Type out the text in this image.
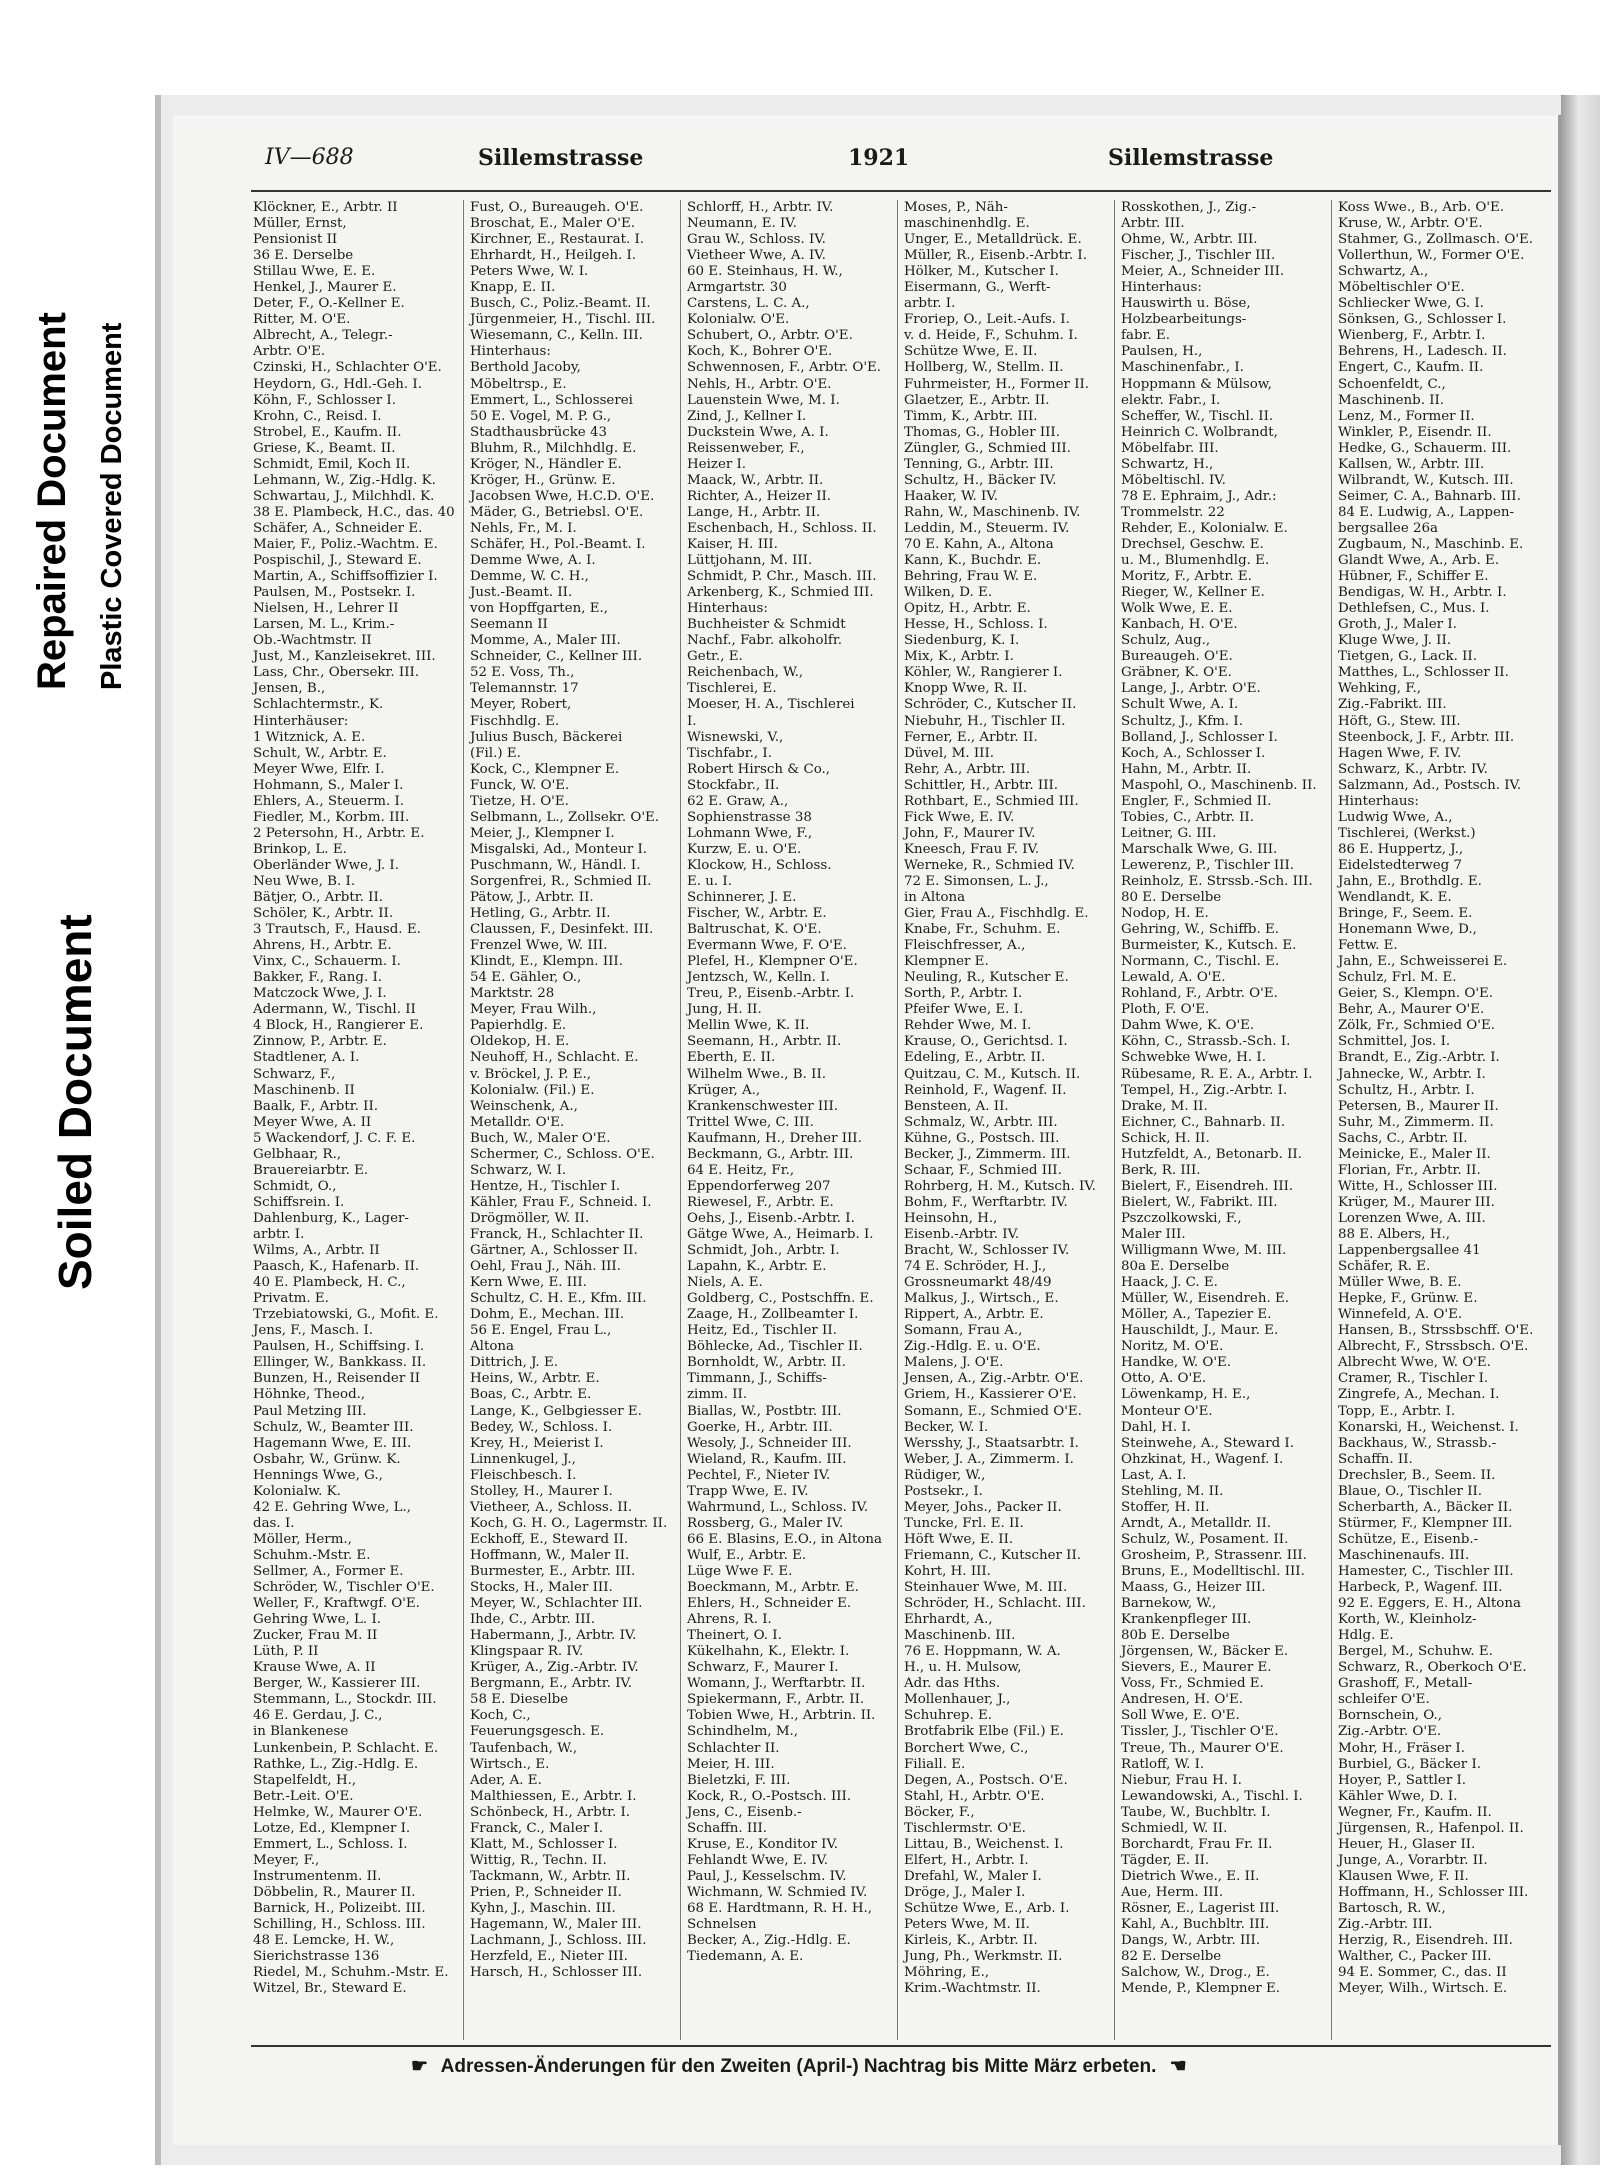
Repaired Document Plastic Covered Document
Soiled Document
IV—688	Sillemstrasse	1921	Sillemstrasse
Klöckner, E., Arbtr. II
Müller, Ernst,
Pensionist II
36 E. Derselbe
Stillau Wwe, E. E.
Henkel, J., Maurer E.
Deter, F., O.-Kellner E.
Ritter, M. O'E.
Albrecht, A., Telegr.-
Arbtr. O'E.
Czinski, H., Schlachter O'E.
Heydorn, G., Hdl.-Geh. I.
Köhn, F., Schlosser I.
Krohn, C., Reisd. I.
Strobel, E., Kaufm. II.
Griese, K., Beamt. II.
Schmidt, Emil, Koch II.
Lehmann, W., Zig.-Hdlg. K.
Schwartau, J., Milchhdl. K.
38 E. Plambeck, H.C., das. 40
Schäfer, A., Schneider E.
Maier, F., Poliz.-Wachtm. E.
Pospischil, J., Steward E.
Martin, A., Schiffsoffizier I.
Paulsen, M., Postsekr. I.
Nielsen, H., Lehrer II
Larsen, M. L., Krim.-
Ob.-Wachtmstr. II
Just, M., Kanzleisekret. III.
Lass, Chr., Obersekr. III.
Jensen, B.,
Schlachtermstr., K.
Hinterhäuser:
1 Witznick, A. E.
Schult, W., Arbtr. E.
Meyer Wwe, Elfr. I.
Hohmann, S., Maler I.
Ehlers, A., Steuerm. I.
Fiedler, M., Korbm. III.
2 Petersohn, H., Arbtr. E.
Brinkop, L. E.
Oberländer Wwe, J. I.
Neu Wwe, B. I.
Bätjer, O., Arbtr. II.
Schöler, K., Arbtr. II.
3 Trautsch, F., Hausd. E.
Ahrens, H., Arbtr. E.
Vinx, C., Schauerm. I.
Bakker, F., Rang. I.
Matczock Wwe, J. I.
Adermann, W., Tischl. II
4 Block, H., Rangierer E.
Zinnow, P., Arbtr. E.
Stadtlener, A. I.
Schwarz, F.,
Maschinenb. II
Baalk, F., Arbtr. II.
Meyer Wwe, A. II
5 Wackendorf, J. C. F. E.
Gelbhaar, R.,
Brauereiarbtr. E.
Schmidt, O.,
Schiffsrein. I.
Dahlenburg, K., Lager-
arbtr. I.
Wilms, A., Arbtr. II
Paasch, K., Hafenarb. II.
40 E. Plambeck, H. C.,
Privatm. E.
Trzebiatowski, G., Mofit. E.
Jens, F., Masch. I.
Paulsen, H., Schiffsing. I.
Ellinger, W., Bankkass. II.
Bunzen, H., Reisender II
Höhnke, Theod.,
Paul Metzing III.
Schulz, W., Beamter III.
Hagemann Wwe, E. III.
Osbahr, W., Grünw. K.
Hennings Wwe, G.,
Kolonialw. K.
42 E. Gehring Wwe, L.,
das. I.
Möller, Herm.,
Schuhm.-Mstr. E.
Sellmer, A., Former E.
Schröder, W., Tischler O'E.
Weller, F., Kraftwgf. O'E.
Gehring Wwe, L. I.
Zucker, Frau M. II
Lüth, P. II
Krause Wwe, A. II
Berger, W., Kassierer III.
Stemmann, L., Stockdr. III.
46 E. Gerdau, J. C.,
in Blankenese
Lunkenbein, P. Schlacht. E.
Rathke, L., Zig.-Hdlg. E.
Stapelfeldt, H.,
Betr.-Leit. O'E.
Helmke, W., Maurer O'E.
Lotze, Ed., Klempner I.
Emmert, L., Schloss. I.
Meyer, F.,
Instrumentenm. II.
Döbbelin, R., Maurer II.
Barnick, H., Polizeibt. III.
Schilling, H., Schloss. III.
48 E. Lemcke, H. W.,
Sierichstrasse 136
Riedel, M., Schuhm.-Mstr. E.
Witzel, Br., Steward E.
Fust, O., Bureaugeh. O'E.
Broschat, E., Maler O'E.
Kirchner, E., Restaurat. I.
Ehrhardt, H., Heilgeh. I.
Peters Wwe, W. I.
Knapp, E. II.
Busch, C., Poliz.-Beamt. II.
Jürgenmeier, H., Tischl. III.
Wiesemann, C., Kelln. III.
Hinterhaus:
Berthold Jacoby,
Möbeltrsp., E.
Emmert, L., Schlosserei
50 E. Vogel, M. P. G.,
Stadthausbrücke 43
Bluhm, R., Milchhdlg. E.
Kröger, N., Händler E.
Kröger, H., Grünw. E.
Jacobsen Wwe, H.C.D. O'E.
Mäder, G., Betriebsl. O'E.
Nehls, Fr., M. I.
Schäfer, H., Pol.-Beamt. I.
Demme Wwe, A. I.
Demme, W. C. H.,
Just.-Beamt. II.
von Hopffgarten, E.,
Seemann II
Momme, A., Maler III.
Schneider, C., Kellner III.
52 E. Voss, Th.,
Telemannstr. 17
Meyer, Robert,
Fischhdlg. E.
Julius Busch, Bäckerei
(Fil.) E.
Kock, C., Klempner E.
Funck, W. O'E.
Tietze, H. O'E.
Selbmann, L., Zollsekr. O'E.
Meier, J., Klempner I.
Misgalski, Ad., Monteur I.
Puschmann, W., Händl. I.
Sorgenfrei, R., Schmied II.
Pätow, J., Arbtr. II.
Hetling, G., Arbtr. II.
Claussen, F., Desinfekt. III.
Frenzel Wwe, W. III.
Klindt, E., Klempn. III.
54 E. Gähler, O.,
Marktstr. 28
Meyer, Frau Wilh.,
Papierhdlg. E.
Oldekop, H. E.
Neuhoff, H., Schlacht. E.
v. Bröckel, J. P. E.,
Kolonialw. (Fil.) E.
Weinschenk, A.,
Metalldr. O'E.
Buch, W., Maler O'E.
Schermer, C., Schloss. O'E.
Schwarz, W. I.
Hentze, H., Tischler I.
Kähler, Frau F., Schneid. I.
Drögmöller, W. II.
Franck, H., Schlachter II.
Gärtner, A., Schlosser II.
Oehl, Frau J., Näh. III.
Kern Wwe, E. III.
Schultz, C. H. E., Kfm. III.
Dohm, E., Mechan. III.
56 E. Engel, Frau L.,
Altona
Dittrich, J. E.
Heins, W., Arbtr. E.
Boas, C., Arbtr. E.
Lange, K., Gelbgiesser E.
Bedey, W., Schloss. I.
Krey, H., Meierist I.
Linnenkugel, J.,
Fleischbesch. I.
Stolley, H., Maurer I.
Vietheer, A., Schloss. II.
Koch, G. H. O., Lagermstr. II.
Eckhoff, E., Steward II.
Hoffmann, W., Maler II.
Burmester, E., Arbtr. III.
Stocks, H., Maler III.
Meyer, W., Schlachter III.
Ihde, C., Arbtr. III.
Habermann, J., Arbtr. IV.
Klingspaar R. IV.
Krüger, A., Zig.-Arbtr. IV.
Bergmann, E., Arbtr. IV.
58 E. Dieselbe
Koch, C.,
Feuerungsgesch. E.
Taufenbach, W.,
Wirtsch., E.
Ader, A. E.
Malthiessen, E., Arbtr. I.
Schönbeck, H., Arbtr. I.
Franck, C., Maler I.
Klatt, M., Schlosser I.
Wittig, R., Techn. II.
Tackmann, W., Arbtr. II.
Prien, P., Schneider II.
Kyhn, J., Maschin. III.
Hagemann, W., Maler III.
Lachmann, J., Schloss. III.
Herzfeld, E., Nieter III.
Harsch, H., Schlosser III.
Schlorff, H., Arbtr. IV.
Neumann, E. IV.
Grau W., Schloss. IV.
Vietheer Wwe, A. IV.
60 E. Steinhaus, H. W.,
Armgartstr. 30
Carstens, L. C. A.,
Kolonialw. O'E.
Schubert, O., Arbtr. O'E.
Koch, K., Bohrer O'E.
Schwennosen, F., Arbtr. O'E.
Nehls, H., Arbtr. O'E.
Lauenstein Wwe, M. I.
Zind, J., Kellner I.
Duckstein Wwe, A. I.
Reissenweber, F.,
Heizer I.
Maack, W., Arbtr. II.
Richter, A., Heizer II.
Lange, H., Arbtr. II.
Eschenbach, H., Schloss. II.
Kaiser, H. III.
Lüttjohann, M. III.
Schmidt, P. Chr., Masch. III.
Arkenberg, K., Schmied III.
Hinterhaus:
Buchheister & Schmidt
Nachf., Fabr. alkoholfr.
Getr., E.
Reichenbach, W.,
Tischlerei, E.
Moeser, H. A., Tischlerei
I.
Wisnewski, V.,
Tischfabr., I.
Robert Hirsch & Co.,
Stockfabr., II.
62 E. Graw, A.,
Sophienstrasse 38
Lohmann Wwe, F.,
Kurzw, E. u. O'E.
Klockow, H., Schloss.
E. u. I.
Schinnerer, J. E.
Fischer, W., Arbtr. E.
Baltruschat, K. O'E.
Evermann Wwe, F. O'E.
Plefel, H., Klempner O'E.
Jentzsch, W., Kelln. I.
Treu, P., Eisenb.-Arbtr. I.
Jung, H. II.
Mellin Wwe, K. II.
Seemann, H., Arbtr. II.
Eberth, E. II.
Wilhelm Wwe., B. II.
Krüger, A.,
Krankenschwester III.
Trittel Wwe, C. III.
Kaufmann, H., Dreher III.
Beckmann, G., Arbtr. III.
64 E. Heitz, Fr.,
Eppendorferweg 207
Riewesel, F., Arbtr. E.
Oehs, J., Eisenb.-Arbtr. I.
Gätge Wwe, A., Heimarb. I.
Schmidt, Joh., Arbtr. I.
Lapahn, K., Arbtr. E.
Niels, A. E.
Goldberg, C., Postschffn. E.
Zaage, H., Zollbeamter I.
Heitz, Ed., Tischler II.
Böhlecke, Ad., Tischler II.
Bornholdt, W., Arbtr. II.
Timmann, J., Schiffs-
zimm. II.
Biallas, W., Postbtr. III.
Goerke, H., Arbtr. III.
Wesoly, J., Schneider III.
Wieland, R., Kaufm. III.
Pechtel, F., Nieter IV.
Trapp Wwe, E. IV.
Wahrmund, L., Schloss. IV.
Rossberg, G., Maler IV.
66 E. Blasins, E.O., in Altona
Wulf, E., Arbtr. E.
Lüge Wwe F. E.
Boeckmann, M., Arbtr. E.
Ehlers, H., Schneider E.
Ahrens, R. I.
Theinert, O. I.
Kükelhahn, K., Elektr. I.
Schwarz, F., Maurer I.
Womann, J., Werftarbtr. II.
Spiekermann, F., Arbtr. II.
Tobien Wwe, H., Arbtrin. II.
Schindhelm, M.,
Schlachter II.
Meier, H. III.
Bieletzki, F. III.
Kock, R., O.-Postsch. III.
Jens, C., Eisenb.-
Schaffn. III.
Kruse, E., Konditor IV.
Fehlandt Wwe, E. IV.
Paul, J., Kesselschm. IV.
Wichmann, W. Schmied IV.
68 E. Hardtmann, R. H. H.,
Schnelsen
Becker, A., Zig.-Hdlg. E.
Tiedemann, A. E.
Moses, P., Näh-
maschinenhdlg. E.
Unger, E., Metalldrück. E.
Müller, R., Eisenb.-Arbtr. I.
Hölker, M., Kutscher I.
Eisermann, G., Werft-
arbtr. I.
Froriep, O., Leit.-Aufs. I.
v. d. Heide, F., Schuhm. I.
Schütze Wwe, E. II.
Hollberg, W., Stellm. II.
Fuhrmeister, H., Former II.
Glaetzer, E., Arbtr. II.
Timm, K., Arbtr. III.
Thomas, G., Hobler III.
Züngler, G., Schmied III.
Tenning, G., Arbtr. III.
Schultz, H., Bäcker IV.
Haaker, W. IV.
Rahn, W., Maschinenb. IV.
Leddin, M., Steuerm. IV.
70 E. Kahn, A., Altona
Kann, K., Buchdr. E.
Behring, Frau W. E.
Wilken, D. E.
Opitz, H., Arbtr. E.
Hesse, H., Schloss. I.
Siedenburg, K. I.
Mix, K., Arbtr. I.
Köhler, W., Rangierer I.
Knopp Wwe, R. II.
Schröder, C., Kutscher II.
Niebuhr, H., Tischler II.
Ferner, E., Arbtr. II.
Düvel, M. III.
Rehr, A., Arbtr. III.
Schittler, H., Arbtr. III.
Rothbart, E., Schmied III.
Fick Wwe, E. IV.
John, F., Maurer IV.
Kneesch, Frau F. IV.
Werneke, R., Schmied IV.
72 E. Simonsen, L. J.,
in Altona
Gier, Frau A., Fischhdlg. E.
Knabe, Fr., Schuhm. E.
Fleischfresser, A.,
Klempner E.
Neuling, R., Kutscher E.
Sorth, P., Arbtr. I.
Pfeifer Wwe, E. I.
Rehder Wwe, M. I.
Krause, O., Gerichtsd. I.
Edeling, E., Arbtr. II.
Quitzau, C. M., Kutsch. II.
Reinhold, F., Wagenf. II.
Bensteen, A. II.
Schmalz, W., Arbtr. III.
Kühne, G., Postsch. III.
Becker, J., Zimmerm. III.
Schaar, F., Schmied III.
Rohrberg, H. M., Kutsch. IV.
Bohm, F., Werftarbtr. IV.
Heinsohn, H.,
Eisenb.-Arbtr. IV.
Bracht, W., Schlosser IV.
74 E. Schröder, H. J.,
Grossneumarkt 48/49
Malkus, J., Wirtsch., E.
Rippert, A., Arbtr. E.
Somann, Frau A.,
Zig.-Hdlg. E. u. O'E.
Malens, J. O'E.
Jensen, A., Zig.-Arbtr. O'E.
Griem, H., Kassierer O'E.
Somann, E., Schmied O'E.
Becker, W. I.
Wersshy, J., Staatsarbtr. I.
Weber, J. A., Zimmerm. I.
Rüdiger, W.,
Postsekr., I.
Meyer, Johs., Packer II.
Tuncke, Frl. E. II.
Höft Wwe, E. II.
Friemann, C., Kutscher II.
Kohrt, H. III.
Steinhauer Wwe, M. III.
Schröder, H., Schlacht. III.
Ehrhardt, A.,
Maschinenb. III.
76 E. Hoppmann, W. A.
H., u. H. Mulsow,
Adr. das Hths.
Mollenhauer, J.,
Schuhrep. E.
Brotfabrik Elbe (Fil.) E.
Borchert Wwe, C.,
Filiall. E.
Degen, A., Postsch. O'E.
Stahl, H., Arbtr. O'E.
Böcker, F.,
Tischlermstr. O'E.
Littau, B., Weichenst. I.
Elfert, H., Arbtr. I.
Drefahl, W., Maler I.
Dröge, J., Maler I.
Schütze Wwe, E., Arb. I.
Peters Wwe, M. II.
Kirleis, K., Arbtr. II.
Jung, Ph., Werkmstr. II.
Möhring, E.,
Krim.-Wachtmstr. II.
Rosskothen, J., Zig.-
Arbtr. III.
Ohme, W., Arbtr. III.
Fischer, J., Tischler III.
Meier, A., Schneider III.
Hinterhaus:
Hauswirth u. Böse,
Holzbearbeitungs-
fabr. E.
Paulsen, H.,
Maschinenfabr., I.
Hoppmann & Mülsow,
elektr. Fabr., I.
Scheffer, W., Tischl. II.
Heinrich C. Wolbrandt,
Möbelfabr. III.
Schwartz, H.,
Möbeltischl. IV.
78 E. Ephraim, J., Adr.:
Trommelstr. 22
Rehder, E., Kolonialw. E.
Drechsel, Geschw. E.
u. M., Blumenhdlg. E.
Moritz, F., Arbtr. E.
Rieger, W., Kellner E.
Wolk Wwe, E. E.
Kanbach, H. O'E.
Schulz, Aug.,
Bureaugeh. O'E.
Gräbner, K. O'E.
Lange, J., Arbtr. O'E.
Schult Wwe, A. I.
Schultz, J., Kfm. I.
Bolland, J., Schlosser I.
Koch, A., Schlosser I.
Hahn, M., Arbtr. II.
Maspohl, O., Maschinenb. II.
Engler, F., Schmied II.
Tobies, C., Arbtr. II.
Leitner, G. III.
Marschalk Wwe, G. III.
Lewerenz, P., Tischler III.
Reinholz, E. Strssb.-Sch. III.
80 E. Derselbe
Nodop, H. E.
Gehring, W., Schiffb. E.
Burmeister, K., Kutsch. E.
Normann, C., Tischl. E.
Lewald, A. O'E.
Rohland, F., Arbtr. O'E.
Ploth, F. O'E.
Dahm Wwe, K. O'E.
Köhn, C., Strassb.-Sch. I.
Schwebke Wwe, H. I.
Rübesame, R. E. A., Arbtr. I.
Tempel, H., Zig.-Arbtr. I.
Drake, M. II.
Eichner, C., Bahnarb. II.
Schick, H. II.
Hutzfeldt, A., Betonarb. II.
Berk, R. III.
Bielert, F., Eisendreh. III.
Bielert, W., Fabrikt. III.
Pszczolkowski, F.,
Maler III.
Willigmann Wwe, M. III.
80a E. Derselbe
Haack, J. C. E.
Müller, W., Eisendreh. E.
Möller, A., Tapezier E.
Hauschildt, J., Maur. E.
Noritz, M. O'E.
Handke, W. O'E.
Otto, A. O'E.
Löwenkamp, H. E.,
Monteur O'E.
Dahl, H. I.
Steinwehe, A., Steward I.
Ohzkinat, H., Wagenf. I.
Last, A. I.
Stehling, M. II.
Stoffer, H. II.
Arndt, A., Metalldr. II.
Schulz, W., Posament. II.
Grosheim, P., Strassenr. III.
Bruns, E., Modelltischl. III.
Maass, G., Heizer III.
Barnekow, W.,
Krankenpfleger III.
80b E. Derselbe
Jörgensen, W., Bäcker E.
Sievers, E., Maurer E.
Voss, Fr., Schmied E.
Andresen, H. O'E.
Soll Wwe, E. O'E.
Tissler, J., Tischler O'E.
Treue, Th., Maurer O'E.
Ratloff, W. I.
Niebur, Frau H. I.
Lewandowski, A., Tischl. I.
Taube, W., Buchbltr. I.
Schmiedl, W. II.
Borchardt, Frau Fr. II.
Tägder, E. II.
Dietrich Wwe., E. II.
Aue, Herm. III.
Rösner, E., Lagerist III.
Kahl, A., Buchbltr. III.
Dangs, W., Arbtr. III.
82 E. Derselbe
Salchow, W., Drog., E.
Mende, P., Klempner E.
Koss Wwe., B., Arb. O'E.
Kruse, W., Arbtr. O'E.
Stahmer, G., Zollmasch. O'E.
Vollerthun, W., Former O'E.
Schwartz, A.,
Möbeltischler O'E.
Schliecker Wwe, G. I.
Sönksen, G., Schlosser I.
Wienberg, F., Arbtr. I.
Behrens, H., Ladesch. II.
Engert, C., Kaufm. II.
Schoenfeldt, C.,
Maschinenb. II.
Lenz, M., Former II.
Winkler, P., Eisendr. II.
Hedke, G., Schauerm. III.
Kallsen, W., Arbtr. III.
Wilbrandt, W., Kutsch. III.
Seimer, C. A., Bahnarb. III.
84 E. Ludwig, A., Lappen-
bergsallee 26a
Zugbaum, N., Maschinb. E.
Glandt Wwe, A., Arb. E.
Hübner, F., Schiffer E.
Bendigas, W. H., Arbtr. I.
Dethlefsen, C., Mus. I.
Groth, J., Maler I.
Kluge Wwe, J. II.
Tietgen, G., Lack. II.
Matthes, L., Schlosser II.
Wehking, F.,
Zig.-Fabrikt. III.
Höft, G., Stew. III.
Steenbock, J. F., Arbtr. III.
Hagen Wwe, F. IV.
Schwarz, K., Arbtr. IV.
Salzmann, Ad., Postsch. IV.
Hinterhaus:
Ludwig Wwe, A.,
Tischlerei, (Werkst.)
86 E. Huppertz, J.,
Eidelstedterweg 7
Jahn, E., Brothdlg. E.
Wendlandt, K. E.
Bringe, F., Seem. E.
Honemann Wwe, D.,
Fettw. E.
Jahn, E., Schweisserei E.
Schulz, Frl. M. E.
Geier, S., Klempn. O'E.
Behr, A., Maurer O'E.
Zölk, Fr., Schmied O'E.
Schmittel, Jos. I.
Brandt, E., Zig.-Arbtr. I.
Jahnecke, W., Arbtr. I.
Schultz, H., Arbtr. I.
Petersen, B., Maurer II.
Suhr, M., Zimmerm. II.
Sachs, C., Arbtr. II.
Meinicke, E., Maler II.
Florian, Fr., Arbtr. II.
Witte, H., Schlosser III.
Krüger, M., Maurer III.
Lorenzen Wwe, A. III.
88 E. Albers, H.,
Lappenbergsallee 41
Schäfer, R. E.
Müller Wwe, B. E.
Hepke, F., Grünw. E.
Winnefeld, A. O'E.
Hansen, B., Strssbschff. O'E.
Albrecht, F., Strssbsch. O'E.
Albrecht Wwe, W. O'E.
Cramer, R., Tischler I.
Zingrefe, A., Mechan. I.
Topp, E., Arbtr. I.
Konarski, H., Weichenst. I.
Backhaus, W., Strassb.-
Schaffn. II.
Drechsler, B., Seem. II.
Blaue, O., Tischler II.
Scherbarth, A., Bäcker II.
Stürmer, F., Klempner III.
Schütze, E., Eisenb.-
Maschinenaufs. III.
Hamester, C., Tischler III.
Harbeck, P., Wagenf. III.
92 E. Eggers, E. H., Altona
Korth, W., Kleinholz-
Hdlg. E.
Bergel, M., Schuhw. E.
Schwarz, R., Oberkoch O'E.
Grashoff, F., Metall-
schleifer O'E.
Bornschein, O.,
Zig.-Arbtr. O'E.
Mohr, H., Fräser I.
Burbiel, G., Bäcker I.
Hoyer, P., Sattler I.
Kähler Wwe, D. I.
Wegner, Fr., Kaufm. II.
Jürgensen, R., Hafenpol. II.
Heuer, H., Glaser II.
Junge, A., Vorarbtr. II.
Klausen Wwe, F. II.
Hoffmann, H., Schlosser III.
Bartosch, R. W.,
Zig.-Arbtr. III.
Herzig, R., Eisendreh. III.
Walther, C., Packer III.
94 E. Sommer, C., das. II
Meyer, Wilh., Wirtsch. E.
☛ Adressen-Änderungen für den Zweiten (April-) Nachtrag bis Mitte März erbeten. ☚
